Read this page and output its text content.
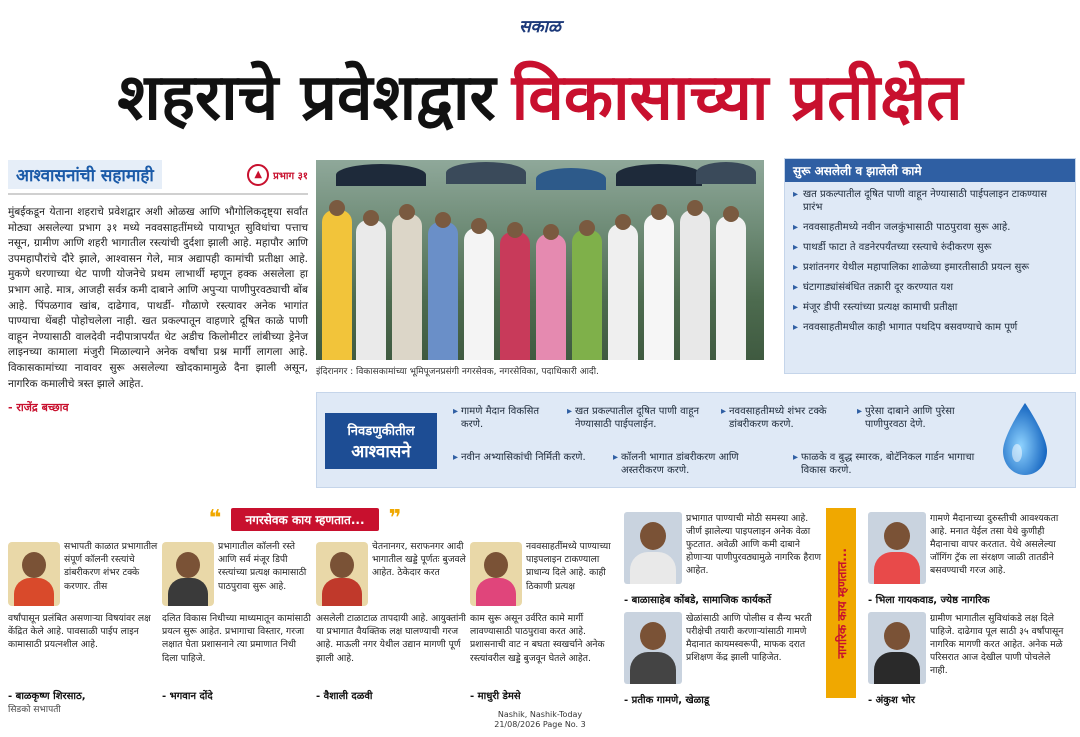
सकाळ
शहराचे प्रवेशद्वार विकासाच्या प्रतीक्षेत
आश्वासनांची सहामाही	▲	प्रभाग ३१

मुंबईकडून येताना शहराचे प्रवेशद्वार अशी ओळख आणि भौगोलिकदृष्ट्या सर्वांत मोठ्या असलेल्या प्रभाग ३१ मध्ये नववसाहतींमध्ये पायाभूत सुविधांचा पत्ताच नसून, ग्रामीण आणि शहरी भागातील रस्त्यांची दुर्दशा झाली आहे. महापौर आणि उपमहापौरांचे दौरे झाले, आश्वासन गेले, मात्र अद्यापही कामांची प्रतीक्षा आहे. मुकणे धरणाच्या थेट पाणी योजनेचे प्रथम लाभार्थी म्हणून हक्क असलेला हा प्रभाग आहे. मात्र, आजही सर्वत्र कमी दाबाने आणि अपुऱ्या पाणीपुरवठ्याची बोंब आहे. पिंपळगाव खांब, दाढेगाव, पाथर्डी- गौळाणे रस्त्यावर अनेक भागांत पाण्याचा थेंबही पोहोचलेला नाही. खत प्रकल्पातून वाहणारे दूषित काळे पाणी वाहून नेण्यासाठी वालदेवी नदीपात्रापर्यंत थेट अडीच किलोमीटर लांबीच्या ड्रेनेज लाइनच्या कामाला मंजुरी मिळाल्याने अनेक वर्षांचा प्रश्न मार्गी लागला आहे. विकासकामांच्या नावावर सुरू असलेल्या खोदकामामुळे दैना झाली असून, नागरिक कमालीचे त्रस्त झाले आहेत.

- राजेंद्र बच्छाव

इंदिरानगर : विकासकामांच्या भूमिपूजनप्रसंगी नगरसेवक, नगरसेविका, पदाधिकारी आदी.
सुरू असलेली व झालेली कामे
▸ खत प्रकल्पातील दूषित पाणी वाहून नेण्यासाठी पाईपलाइन टाकण्यास प्रारंभ
▸ नववसाहतीमध्ये नवीन जलकुंभासाठी पाठपुरावा सुरू आहे.
▸ पाथर्डी फाटा ते वडनेरपर्यंतच्या रस्त्याचे रुंदीकरण सुरू
▸ प्रशांतनगर येथील महापालिका शाळेच्या इमारतीसाठी प्रयत्न सुरू
▸ घंटागाड्यांसंबंधित तक्रारी दूर करण्यात यश
▸ मंजूर डीपी रस्त्यांच्या प्रत्यक्ष कामाची प्रतीक्षा
▸ नववसाहतीमधील काही भागात पथदिप बसवण्याचे काम पूर्ण
निवडणुकीतील
आश्वासने
▸ गामणे मैदान विकसित करणे.
▸ खत प्रकल्पातील दूषित पाणी वाहून नेण्यासाठी पाईपलाईन.
▸ नववसाहतीमध्ये शंभर टक्के डांबरीकरण करणे.
▸ पुरेसा दाबाने आणि पुरेसा पाणीपुरवठा देणे.
▸ नवीन अभ्यासिकांची निर्मिती करणे.
▸	कॉलनी भागात डांबरीकरण आणि अस्तरीकरण करणे.
▸ फाळके व बुद्ध स्मारक, बोटॅनिकल गार्डन भागाचा विकास करणे.
❝	नगरसेवक काय म्हणतात...	❞
सभापती काळात प्रभागातील संपूर्ण कॉलनी रस्त्यांचे डांबरीकरण शंभर टक्के करणार. तीस
वर्षांपासून प्रलंबित असणाऱ्या विषयांवर लक्ष केंद्रित केले आहे. पावसाळी पाईप लाइन कामासाठी प्रयत्नशील आहे.
- बाळकृष्ण शिरसाठ,
सिडको सभापती
प्रभागातील कॉलनी रस्ते आणि सर्व मंजूर डिपी रस्त्यांच्या प्रत्यक्ष कामासाठी पाठपुरावा सुरू आहे.
दलित विकास निधीच्या माध्यमातून कामांसाठी प्रयत्न सुरू आहेत. प्रभागाचा विस्तार, गरजा लक्षात घेता प्रशासनाने त्या प्रमाणात निधी दिला पाहिजे.
- भगवान दोंदे
चेतनानगर, सराफनगर आदी भागातील खड्डे पूर्णतः बुजवले आहेत. ठेकेदार करत
असलेली टाळाटाळ तापदायी आहे. आयुक्तांनी या प्रभागात वैयक्तिक लक्ष घालण्याची गरज आहे. माऊली नगर येथील उद्यान मागणी पूर्ण झाली आहे.
- वैशाली दळवी
नववसाहतींमध्ये पाण्याच्या पाइपलाइन टाकण्याला प्राधान्य दिले आहे. काही ठिकाणी प्रत्यक्ष
काम सुरू असून उर्वरित कामे मार्गी लावण्यासाठी पाठपुरावा करत आहे. प्रशासनाची वाट न बघता स्वखर्चाने अनेक रस्त्यांवरील खड्डे बुजवून घेतले आहेत.
- माधुरी डेमसे
नागरिक काय म्हणतात...
प्रभागात पाण्याची मोठी समस्या आहे. जीर्ण झालेल्या पाइपलाइन अनेक वेळा फुटतात. अवेळी आणि कमी दाबाने होणाऱ्या पाणीपुरवठ्यामुळे नागरिक हैराण आहेत.
- बाळासाहेब कोंबडे, सामाजिक कार्यकर्ते
खेळांसाठी आणि पोलीस व सैन्य भरती परीक्षेची तयारी करणाऱ्यांसाठी गामणे मैदानात कायमस्वरूपी, माफक दरात प्रशिक्षण केंद्र झाली पाहिजेत.
- प्रतीक गामणे, खेळाडू
गामणे मैदानाच्या दुरुस्तीची आवश्यकता आहे. मनात येईल तसा येथे कुणीही मैदानाचा वापर करतात. येथे असलेल्या जॉगिंग ट्रॅक ला संरक्षण जाळी तातडीने बसवण्याची गरज आहे.
- भिला गायकवाड, ज्येष्ठ नागरिक
ग्रामीण भागातील सुविधांकडे लक्ष दिले पाहिजे. दाढेगाव पूल साठी ३५ वर्षांपासून नागरिक मागणी करत आहेत. अनेक मळे परिसरात आज देखील पाणी पोचलेले नाही.
- अंकुश भोर
Nashik, Nashik-Today
21/08/2026 Page No. 3
